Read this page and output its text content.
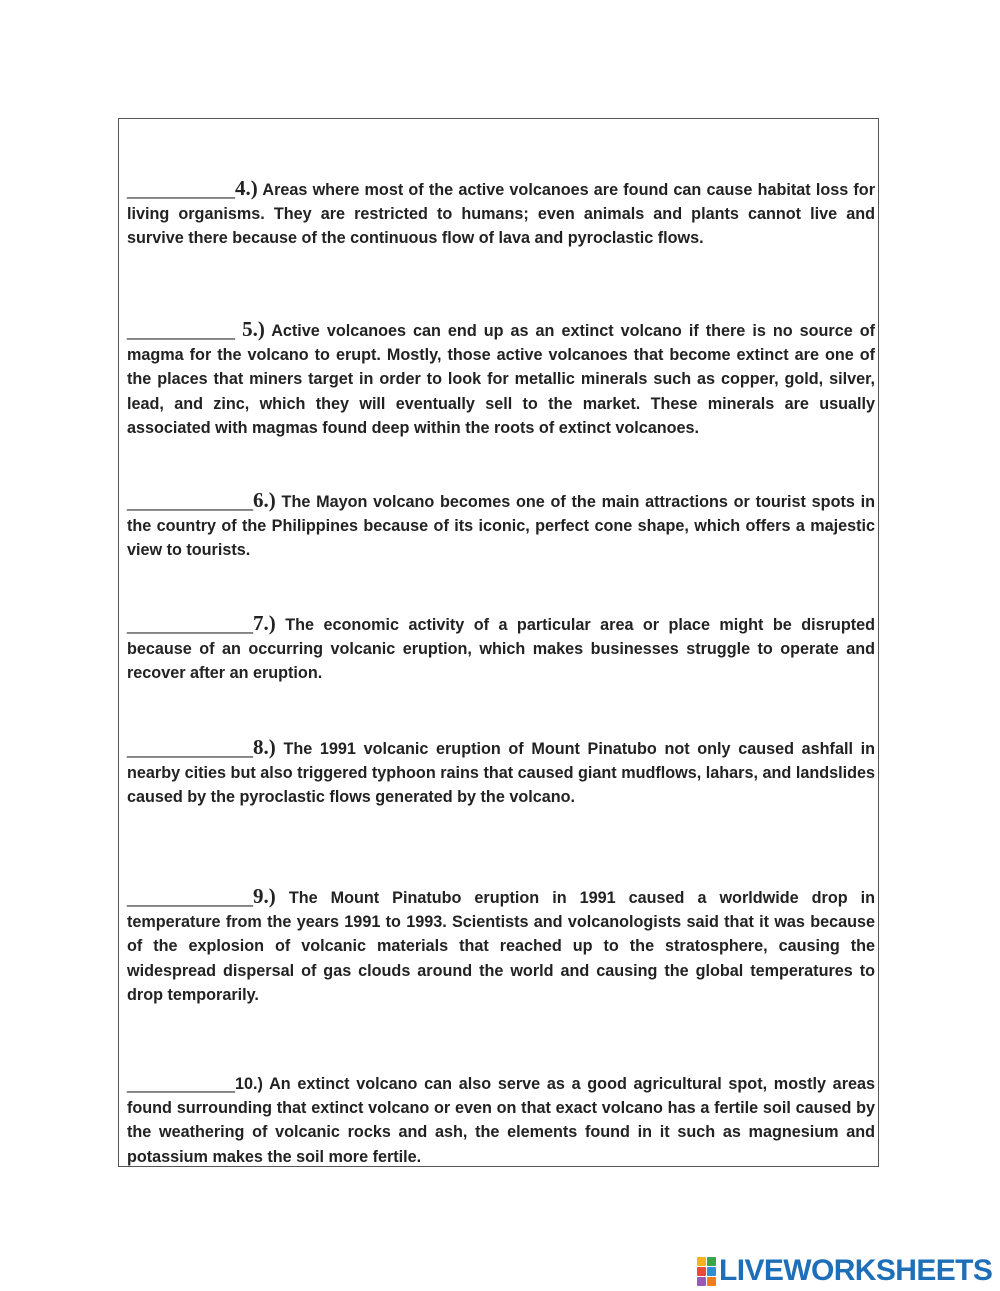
____________4.) Areas where most of the active volcanoes are found can cause habitat loss for living organisms. They are restricted to humans; even animals and plants cannot live and survive there because of the continuous flow of lava and pyroclastic flows.
____________ 5.) Active volcanoes can end up as an extinct volcano if there is no source of magma for the volcano to erupt. Mostly, those active volcanoes that become extinct are one of the places that miners target in order to look for metallic minerals such as copper, gold, silver, lead, and zinc, which they will eventually sell to the market. These minerals are usually associated with magmas found deep within the roots of extinct volcanoes.
______________6.) The Mayon volcano becomes one of the main attractions or tourist spots in the country of the Philippines because of its iconic, perfect cone shape, which offers a majestic view to tourists.
______________7.) The economic activity of a particular area or place might be disrupted because of an occurring volcanic eruption, which makes businesses struggle to operate and recover after an eruption.
______________8.) The 1991 volcanic eruption of Mount Pinatubo not only caused ashfall in nearby cities but also triggered typhoon rains that caused giant mudflows, lahars, and landslides caused by the pyroclastic flows generated by the volcano.
______________9.) The Mount Pinatubo eruption in 1991 caused a worldwide drop in temperature from the years 1991 to 1993. Scientists and volcanologists said that it was because of the explosion of volcanic materials that reached up to the stratosphere, causing the widespread dispersal of gas clouds around the world and causing the global temperatures to drop temporarily.
____________10.) An extinct volcano can also serve as a good agricultural spot, mostly areas found surrounding that extinct volcano or even on that exact volcano has a fertile soil caused by the weathering of volcanic rocks and ash, the elements found in it such as magnesium and potassium makes the soil more fertile.
LIVEWORKSHEETS
